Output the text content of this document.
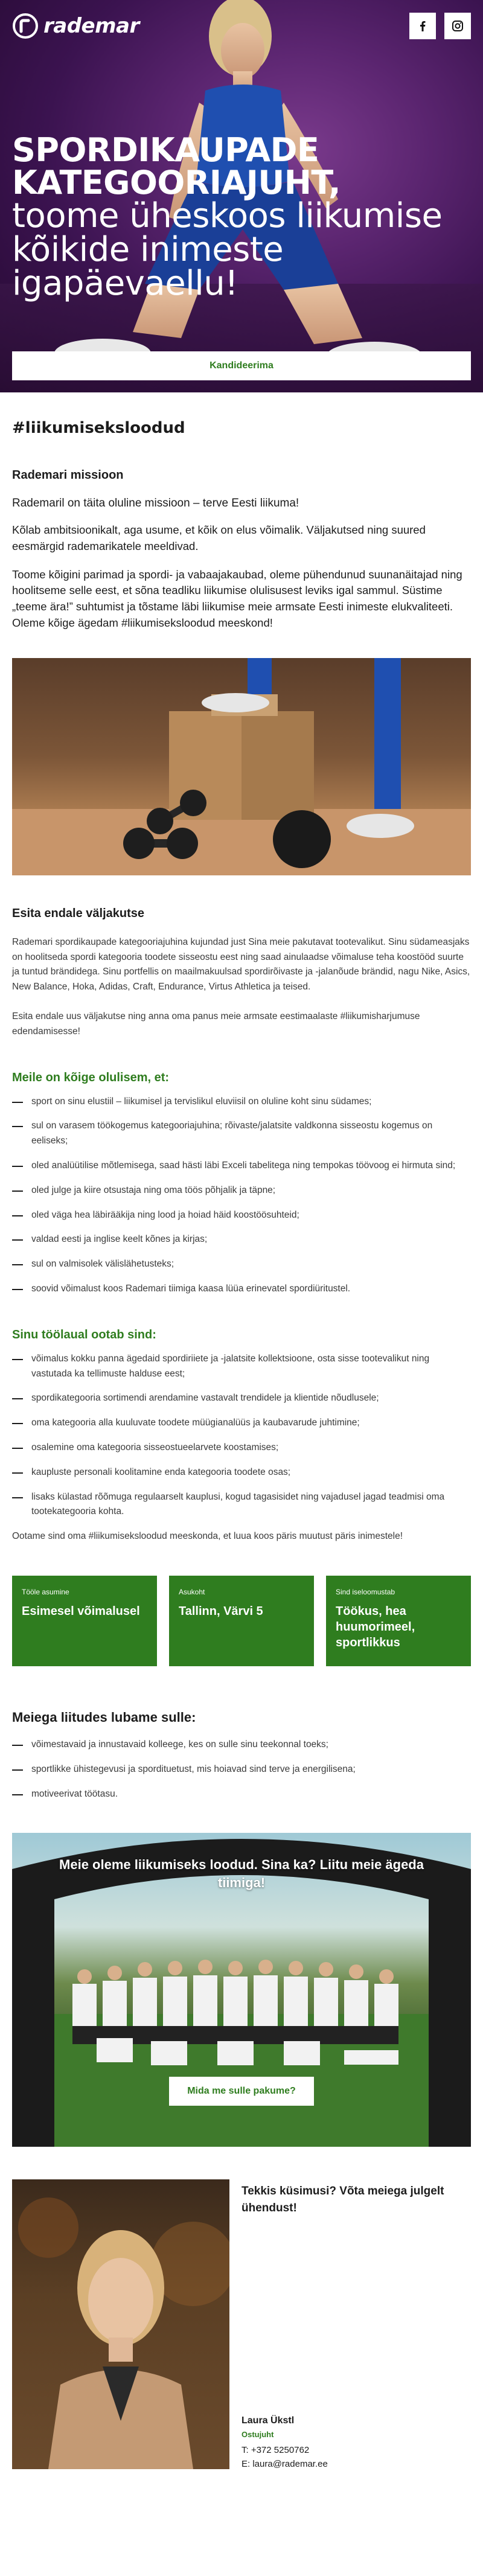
rademar
SPORDIKAUPADE KATEGOORIAJUHT,
toome üheskoos liikumise kõikide inimeste igapäevaellu!
Kandideerima
#liikumiseksloodud
Rademari missioon

Rademaril on täita oluline missioon – terve Eesti liikuma!

Kõlab ambitsioonikalt, aga usume, et kõik on elus võimalik. Väljakutsed ning suured eesmärgid rademarikatele meeldivad.

Toome kõigini parimad ja spordi- ja vabaajakaubad, oleme pühendunud suunanäitajad ning hoolitseme selle eest, et sõna teadliku liikumise olulisusest leviks igal sammul. Süstime „teeme ära!” suhtumist ja tõstame läbi liikumise meie armsate Eesti inimeste elukvaliteeti. Oleme kõige ägedam #liikumiseksloodud meeskond!

Esita endale väljakutse

Rademari spordikaupade kategooriajuhina kujundad just Sina meie pakutavat tootevalikut. Sinu südameasjaks on hoolitseda spordi kategooria toodete sisseostu eest ning saad ainulaadse võimaluse teha koostööd suurte ja tuntud brändidega. Sinu portfellis on maailmakuulsad spordirõivaste ja -jalanõude brändid, nagu Nike, Asics, New Balance, Hoka, Adidas, Craft, Endurance, Virtus Athletica ja teised.

Esita endale uus väljakutse ning anna oma panus meie armsate eestimaalaste #liikumisharjumuse edendamisesse!

Meile on kõige olulisem, et:
sport on sinu elustiil – liikumisel ja tervislikul eluviisil on oluline koht sinu südames;
sul on varasem töökogemus kategooriajuhina; rõivaste/jalatsite valdkonna sisseostu kogemus on eeliseks;
oled analüütilise mõtlemisega, saad hästi läbi Exceli tabelitega ning tempokas töövoog ei hirmuta sind;
oled julge ja kiire otsustaja ning oma töös põhjalik ja täpne;
oled väga hea läbirääkija ning lood ja hoiad häid koostöösuhteid;
valdad eesti ja inglise keelt kõnes ja kirjas;
sul on valmisolek välislähetusteks;
soovid võimalust koos Rademari tiimiga kaasa lüüa erinevatel spordiüritustel.
Sinu töölaual ootab sind:
võimalus kokku panna ägedaid spordiriiete ja -jalatsite kollektsioone, osta sisse tootevalikut ning vastutada ka tellimuste halduse eest;
spordikategooria sortimendi arendamine vastavalt trendidele ja klientide nõudlusele;
oma kategooria alla kuuluvate toodete müügianalüüs ja kaubavarude juhtimine;
osalemine oma kategooria sisseostueelarvete koostamises;
kaupluste personali koolitamine enda kategooria toodete osas;
lisaks külastad rõõmuga regulaarselt kauplusi, kogud tagasisidet ning vajadusel jagad teadmisi oma tootekategooria kohta.

Ootame sind oma #liikumiseksloodud meeskonda, et luua koos päris muutust päris inimestele!

Tööle asumine
Esimesel võimalusel
Asukoht
Tallinn, Värvi 5
Sind iseloomustab
Töökus, hea huumorimeel, sportlikkus
Meiega liitudes lubame sulle:
võimestavaid ja innustavaid kolleege, kes on sulle sinu teekonnal toeks;
sportlikke ühistegevusi ja spordituetust, mis hoiavad sind terve ja energilisena;
motiveerivat töötasu.
Meie oleme liikumiseks loodud. Sina ka? Liitu meie ägeda tiimiga!
Mida me sulle pakume?

Tekkis küsimusi? Võta meiega julgelt ühendust!

Laura Ükstl
Ostujuht
T: +372 5250762
E: laura@rademar.ee
